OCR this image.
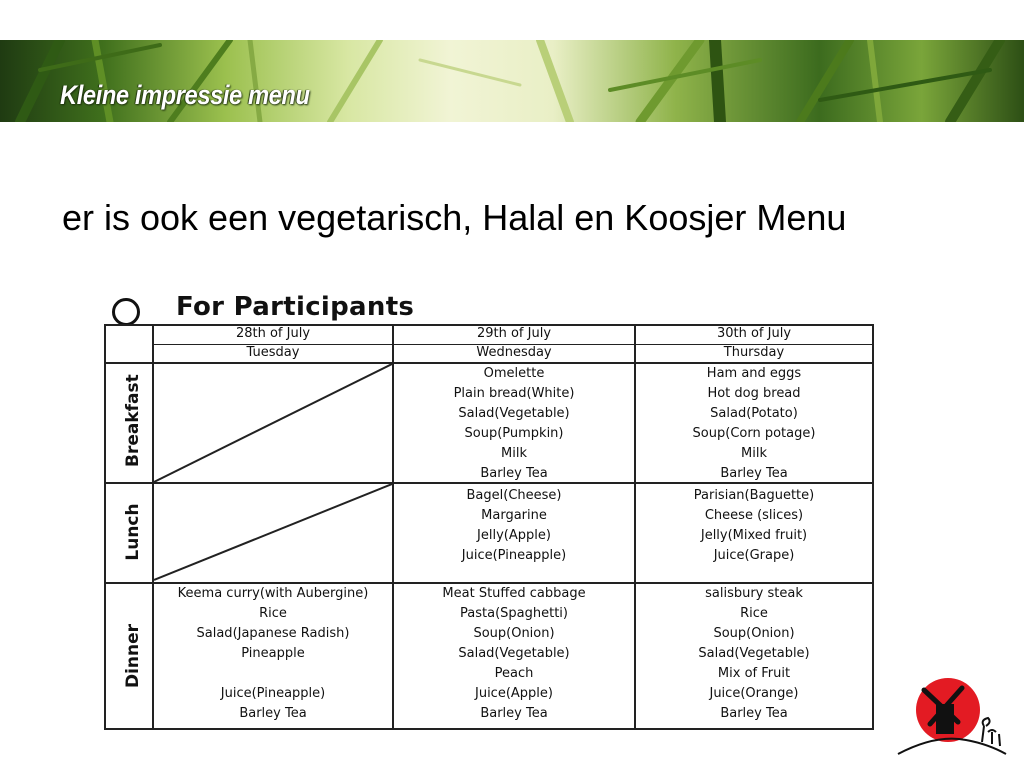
Kleine impressie menu
er is ook een vegetarisch, Halal en Koosjer Menu
For Participants
28th of July
Tuesday
29th of July
Wednesday
30th of July
Thursday
Breakfast
Lunch
Dinner
Omelette
Plain bread(White)
Salad(Vegetable)
Soup(Pumpkin)
Milk
Barley Tea
Ham and eggs
Hot dog bread
Salad(Potato)
Soup(Corn potage)
Milk
Barley Tea
Bagel(Cheese)
Margarine
Jelly(Apple)
Juice(Pineapple)
Parisian(Baguette)
Cheese (slices)
Jelly(Mixed fruit)
Juice(Grape)
Keema curry(with Aubergine)
Rice
Salad(Japanese Radish)
Pineapple
Juice(Pineapple)
Barley Tea
Meat Stuffed cabbage
Pasta(Spaghetti)
Soup(Onion)
Salad(Vegetable)
Peach
Juice(Apple)
Barley Tea
salisbury steak
Rice
Soup(Onion)
Salad(Vegetable)
Mix of Fruit
Juice(Orange)
Barley Tea
